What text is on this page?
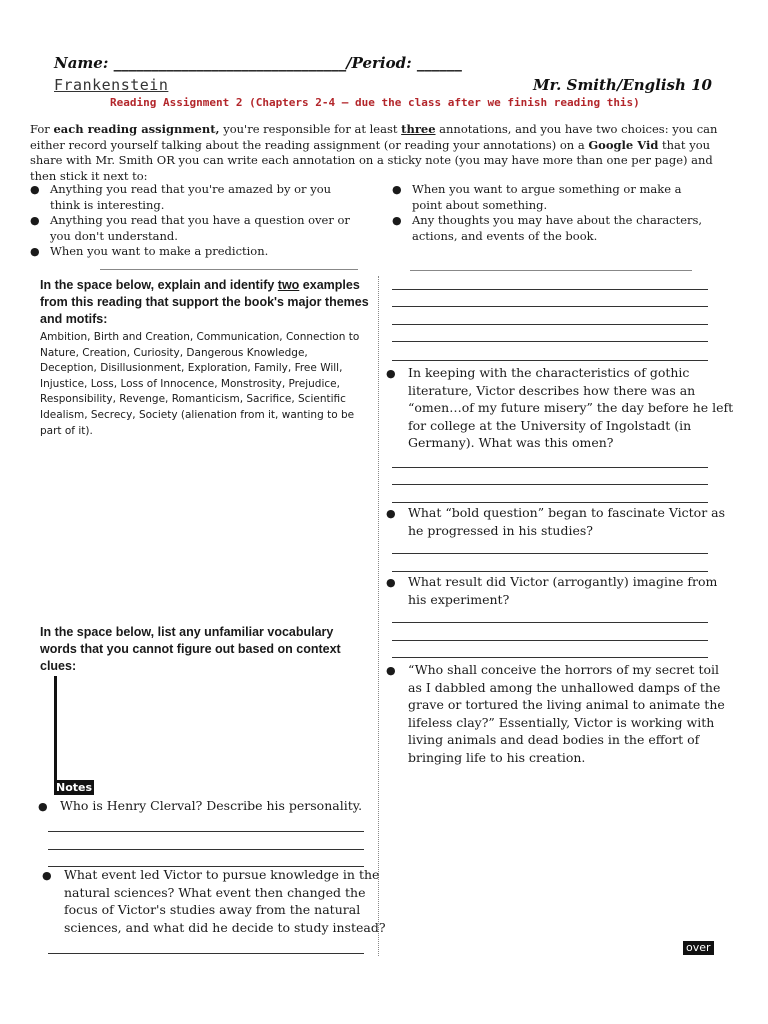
Name: _______________________________/Period: ______
Frankenstein	Mr. Smith/English 10
Reading Assignment 2 (Chapters 2-4 – due the class after we finish reading this)
For each reading assignment, you're responsible for at least three annotations, and you have two choices: you can either record yourself talking about the reading assignment (or reading your annotations) on a Google Vid that you share with Mr. Smith OR you can write each annotation on a sticky note (you may have more than one per page) and then stick it next to:
● Anything you read that you're amazed by or you think is interesting.
● Anything you read that you have a question over or you don't understand.
● When you want to make a prediction.
● When you want to argue something or make a point about something.
● Any thoughts you may have about the characters, actions, and events of the book.
In the space below, explain and identify two examples from this reading that support the book's major themes and motifs:
Ambition, Birth and Creation, Communication, Connection to Nature, Creation, Curiosity, Dangerous Knowledge, Deception, Disillusionment, Exploration, Family, Free Will, Injustice, Loss, Loss of Innocence, Monstrosity, Prejudice, Responsibility, Revenge, Romanticism, Sacrifice, Scientific Idealism, Secrecy, Society (alienation from it, wanting to be part of it).
In the space below, list any unfamiliar vocabulary words that you cannot figure out based on context clues:
Notes
● Who is Henry Clerval? Describe his personality.
● What event led Victor to pursue knowledge in the natural sciences? What event then changed the focus of Victor's studies away from the natural sciences, and what did he decide to study instead?
● In keeping with the characteristics of gothic literature, Victor describes how there was an “omen…of my future misery” the day before he left for college at the University of Ingolstadt (in Germany). What was this omen?
● What “bold question” began to fascinate Victor as he progressed in his studies?
● What result did Victor (arrogantly) imagine from his experiment?
● “Who shall conceive the horrors of my secret toil as I dabbled among the unhallowed damps of the grave or tortured the living animal to animate the lifeless clay?” Essentially, Victor is working with living animals and dead bodies in the effort of bringing life to his creation.
over
